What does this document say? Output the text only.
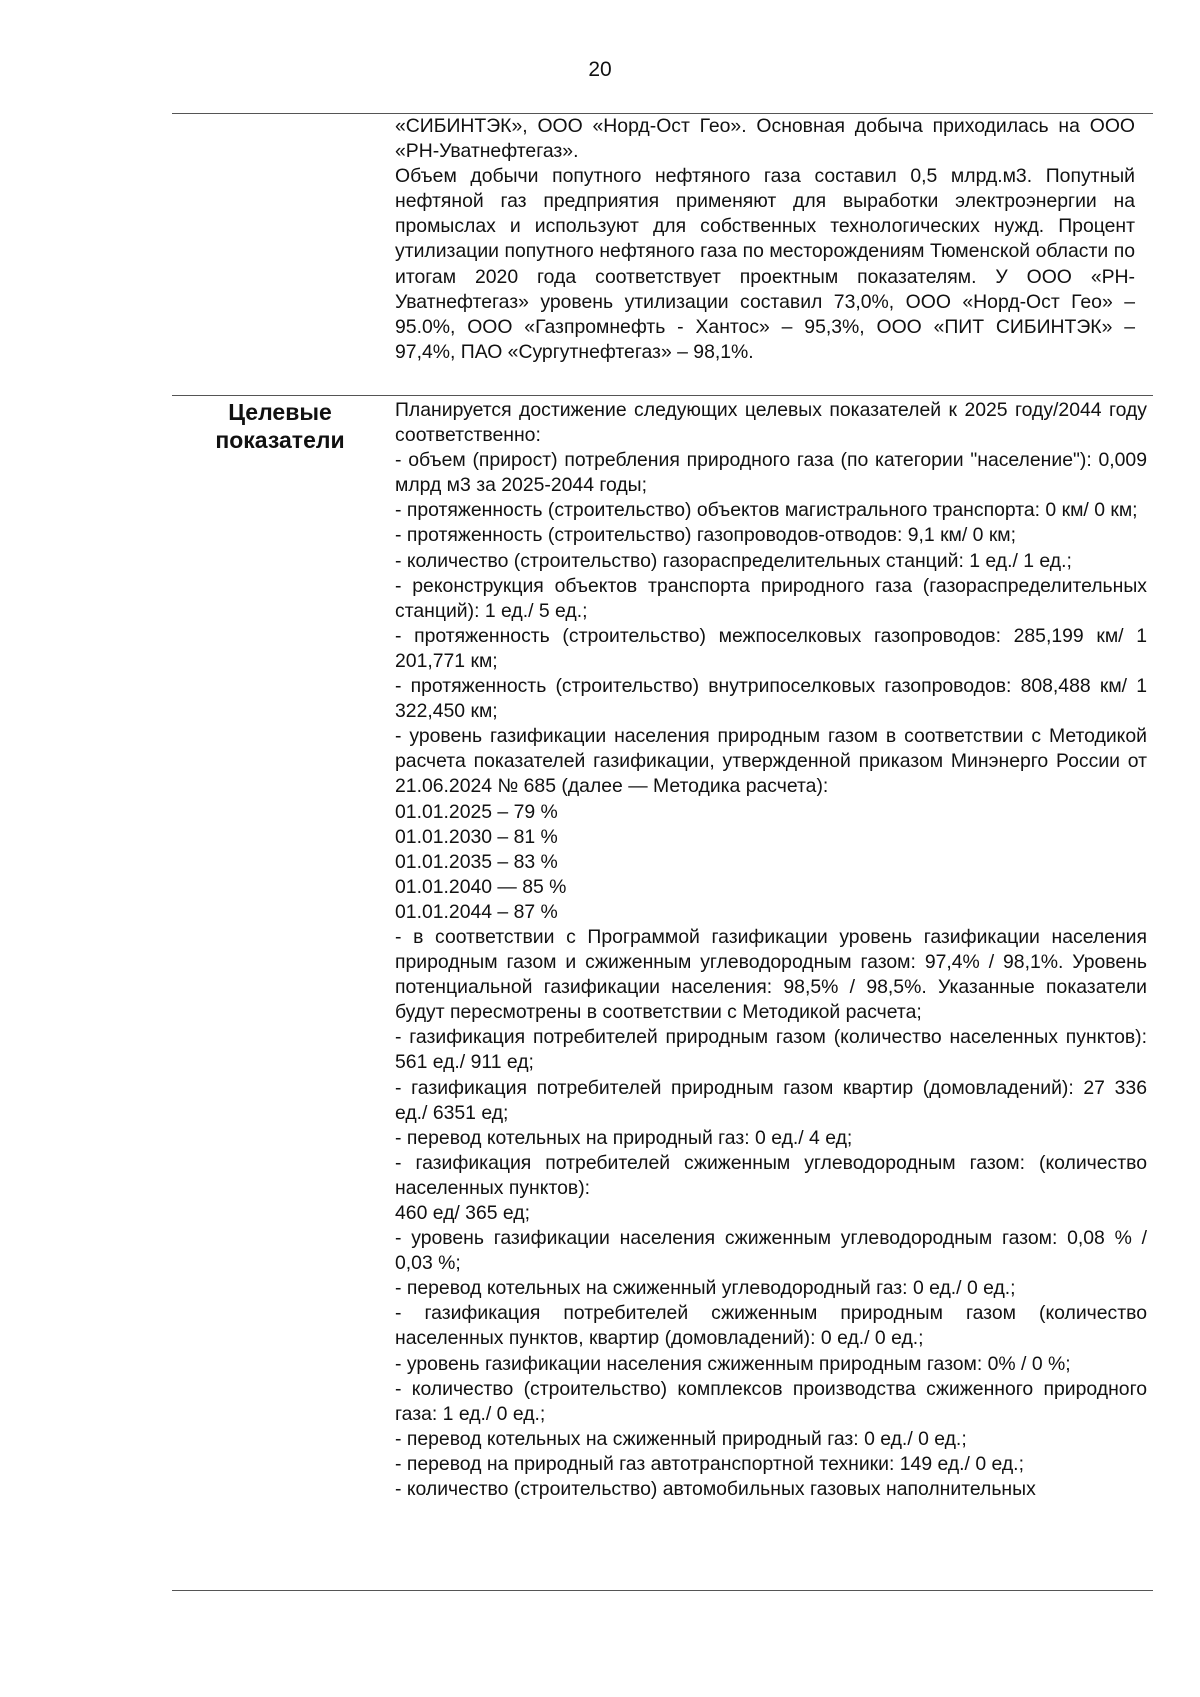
20
«СИБИНТЭК», ООО «Норд-Ост Гео». Основная добыча приходилась на ООО «РН-Уватнефтегаз».
Объем добычи попутного нефтяного газа составил 0,5 млрд.м3. Попутный нефтяной газ предприятия применяют для выработки электроэнергии на промыслах и используют для собственных технологических нужд. Процент утилизации попутного нефтяного газа по месторождениям Тюменской области по итогам 2020 года соответствует проектным показателям. У ООО «РН-Уватнефтегаз» уровень утилизации составил 73,0%, ООО «Норд-Ост Гео» – 95.0%, ООО «Газпромнефть - Хантос» – 95,3%, ООО «ПИТ СИБИНТЭК» – 97,4%, ПАО «Сургутнефтегаз» – 98,1%.
Целевые показатели
Планируется достижение следующих целевых показателей к 2025 году/2044 году соответственно:
- объем (прирост) потребления природного газа (по категории "население"): 0,009 млрд м3 за 2025-2044 годы;
- протяженность (строительство) объектов магистрального транспорта: 0 км/ 0 км;
- протяженность (строительство) газопроводов-отводов: 9,1 км/ 0 км;
- количество (строительство) газораспределительных станций: 1 ед./ 1 ед.;
- реконструкция объектов транспорта природного газа (газораспределительных станций): 1 ед./ 5 ед.;
- протяженность (строительство) межпоселковых газопроводов: 285,199 км/ 1 201,771 км;
- протяженность (строительство) внутрипоселковых газопроводов: 808,488 км/ 1 322,450 км;
- уровень газификации населения природным газом в соответствии с Методикой расчета показателей газификации, утвержденной приказом Минэнерго России от 21.06.2024 № 685 (далее — Методика расчета):
01.01.2025 – 79 %
01.01.2030 – 81 %
01.01.2035 – 83 %
01.01.2040 — 85 %
01.01.2044 – 87 %
- в соответствии с Программой газификации уровень газификации населения природным газом и сжиженным углеводородным газом: 97,4% / 98,1%. Уровень потенциальной газификации населения: 98,5% / 98,5%. Указанные показатели будут пересмотрены в соответствии с Методикой расчета;
- газификация потребителей природным газом (количество населенных пунктов): 561 ед./ 911 ед;
- газификация потребителей природным газом квартир (домовладений): 27 336 ед./ 6351 ед;
- перевод котельных на природный газ: 0 ед./ 4 ед;
- газификация потребителей сжиженным углеводородным газом: (количество населенных пунктов):
460 ед/ 365 ед;
- уровень газификации населения сжиженным углеводородным газом: 0,08 % / 0,03 %;
- перевод котельных на сжиженный углеводородный газ: 0 ед./ 0 ед.;
- газификация потребителей сжиженным природным газом (количество населенных пунктов, квартир (домовладений): 0 ед./ 0 ед.;
- уровень газификации населения сжиженным природным газом: 0% / 0 %;
- количество (строительство) комплексов производства сжиженного природного газа: 1 ед./ 0 ед.;
- перевод котельных на сжиженный природный газ: 0 ед./ 0 ед.;
- перевод на природный газ автотранспортной техники: 149 ед./ 0 ед.;
- количество (строительство) автомобильных газовых наполнительных
